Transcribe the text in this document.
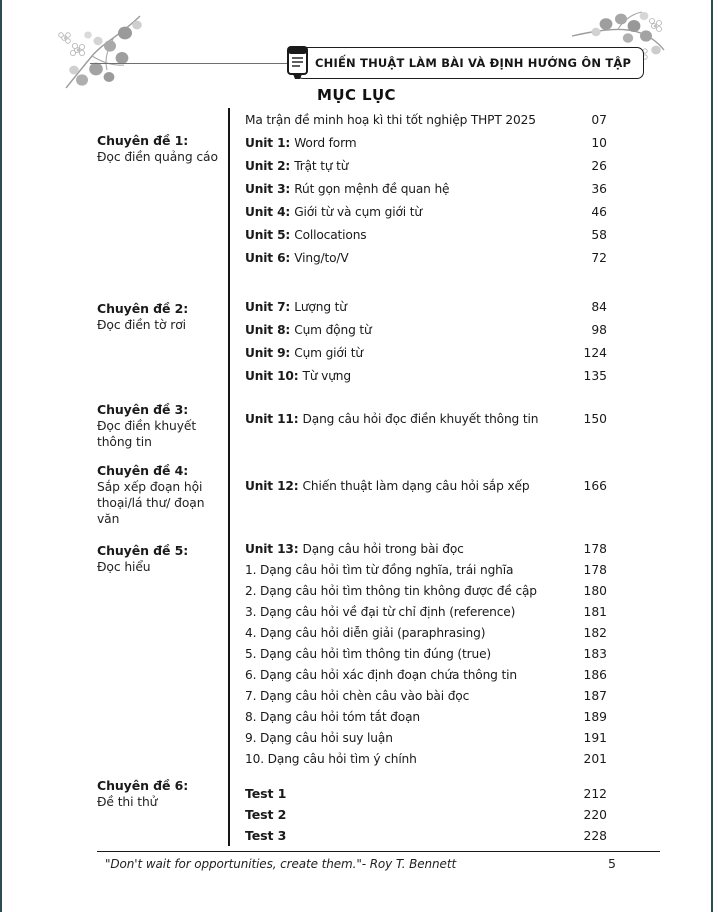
CHIẾN THUẬT LÀM BÀI VÀ ĐỊNH HƯỚNG ÔN TẬP
MỤC LỤC
Chuyên đề 1:
Đọc điền quảng cáo
Ma trận đề minh hoạ kì thi tốt nghiệp THPT 2025	07
Unit 1: Word form	10
Unit 2: Trật tự từ	26
Unit 3: Rút gọn mệnh đề quan hệ	36
Unit 4: Giới từ và cụm giới từ	46
Unit 5: Collocations	58
Unit 6: Ving/to/V	72
Chuyên đề 2:
Đọc điền tờ rơi
Unit 7: Lượng từ	84
Unit 8: Cụm động từ	98
Unit 9: Cụm giới từ	124
Unit 10: Từ vựng	135
Chuyên đề 3:
Đọc điền khuyết thông tin
Unit 11: Dạng câu hỏi đọc điền khuyết thông tin	150
Chuyên đề 4:
Sắp xếp đoạn hội thoại/lá thư/ đoạn văn
Unit 12: Chiến thuật làm dạng câu hỏi sắp xếp	166
Chuyên đề 5:
Đọc hiểu
Unit 13: Dạng câu hỏi trong bài đọc	178
1. Dạng câu hỏi tìm từ đồng nghĩa, trái nghĩa	178
2. Dạng câu hỏi tìm thông tin không được đề cập	180
3. Dạng câu hỏi về đại từ chỉ định (reference)	181
4. Dạng câu hỏi diễn giải (paraphrasing)	182
5. Dạng câu hỏi tìm thông tin đúng (true)	183
6. Dạng câu hỏi xác định đoạn chứa thông tin	186
7. Dạng câu hỏi chèn câu vào bài đọc	187
8. Dạng câu hỏi tóm tắt đoạn	189
9. Dạng câu hỏi suy luận	191
10. Dạng câu hỏi tìm ý chính	201
Chuyên đề 6:
Đề thi thử
Test 1	212
Test 2	220
Test 3	228
"Don't wait for opportunities, create them."- Roy T. Bennett	5
